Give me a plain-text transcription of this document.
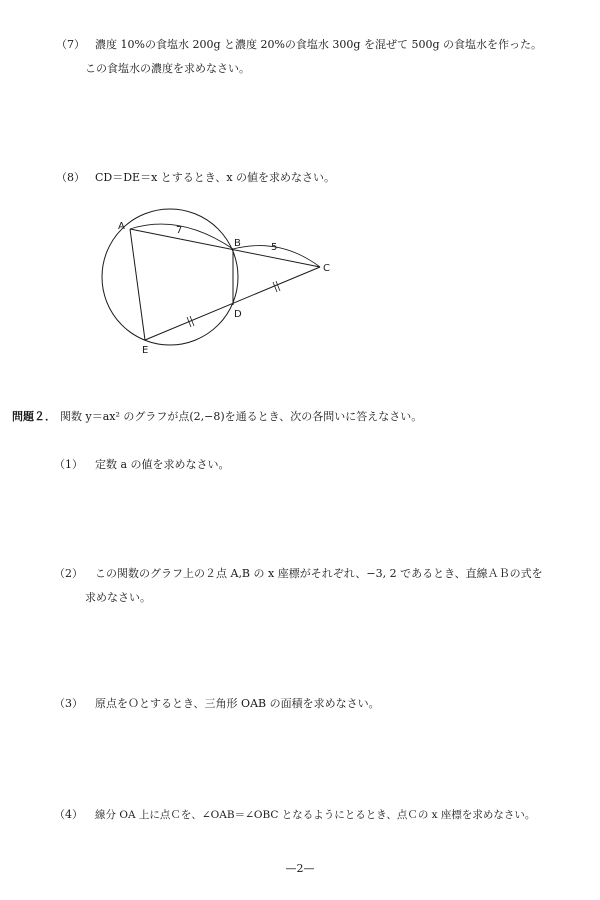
（7） 濃度 10%の食塩水 200g と濃度 20%の食塩水 300g を混ぜて 500g の食塩水を作った。
この食塩水の濃度を求めなさい。
（8） CD＝DE＝x とするとき、x の値を求めなさい。
A
B
C
D
E
7
5
問題２． 関数 y＝ax² のグラフが点(2,−8)を通るとき、次の各問いに答えなさい。
（1） 定数 a の値を求めなさい。
（2） この関数のグラフ上の２点 A,B の x 座標がそれぞれ、−3, 2 であるとき、直線ＡＢの式を
求めなさい。
（3） 原点をＯとするとき、三角形 OAB の面積を求めなさい。
（4） 線分 OA 上に点Ｃを、∠OAB＝∠OBC となるようにとるとき、点Ｃの x 座標を求めなさい。
—2—
